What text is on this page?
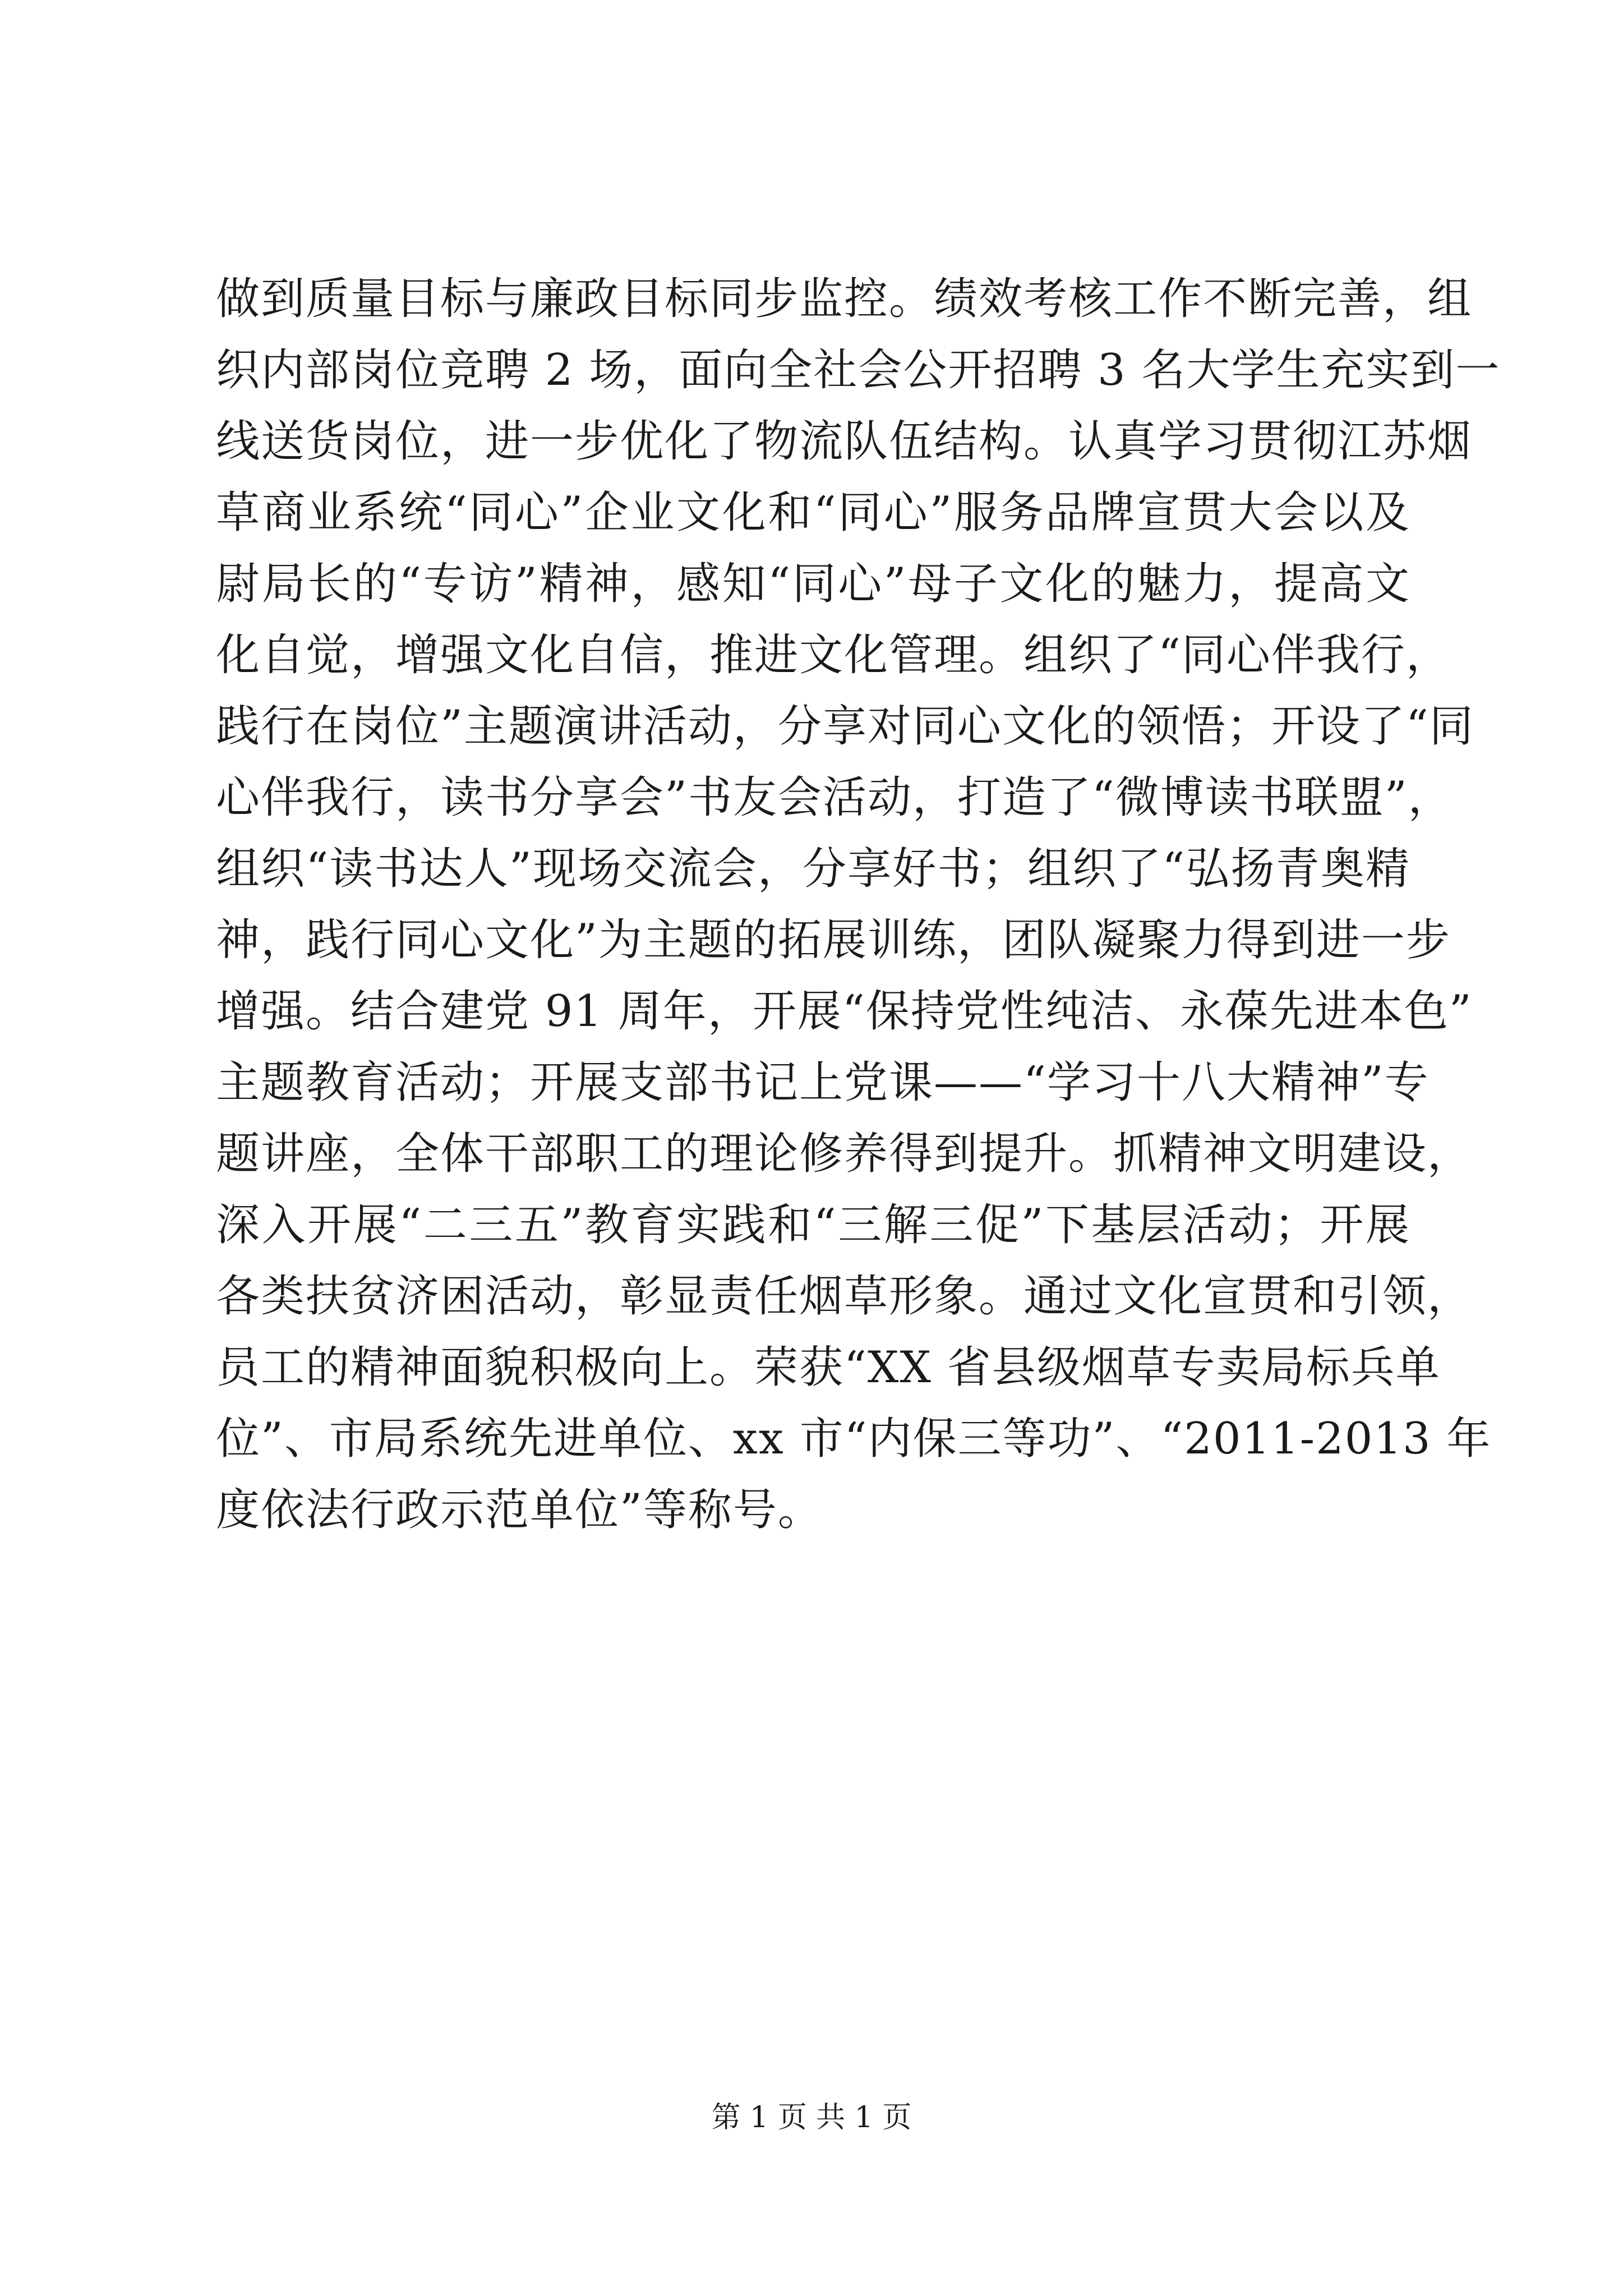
做到质量目标与廉政目标同步监控。绩效考核工作不断完善，组
织内部岗位竞聘 2 场，面向全社会公开招聘 3 名大学生充实到一
线送货岗位，进一步优化了物流队伍结构。认真学习贯彻江苏烟
草商业系统“同心”企业文化和“同心”服务品牌宣贯大会以及
尉局长的“专访”精神，感知“同心”母子文化的魅力，提高文
化自觉，增强文化自信，推进文化管理。组织了“同心伴我行，
践行在岗位”主题演讲活动，分享对同心文化的领悟；开设了“同
心伴我行，读书分享会”书友会活动，打造了“微博读书联盟”，
组织“读书达人”现场交流会，分享好书；组织了“弘扬青奥精
神，践行同心文化”为主题的拓展训练，团队凝聚力得到进一步
增强。结合建党 91 周年，开展“保持党性纯洁、永葆先进本色”
主题教育活动；开展支部书记上党课——“学习十八大精神”专
题讲座，全体干部职工的理论修养得到提升。抓精神文明建设，
深入开展“二三五”教育实践和“三解三促”下基层活动；开展
各类扶贫济困活动，彰显责任烟草形象。通过文化宣贯和引领，
员工的精神面貌积极向上。荣获“XX 省县级烟草专卖局标兵单
位”、市局系统先进单位、xx 市“内保三等功”、“2011-2013 年
度依法行政示范单位”等称号。
第 1 页 共 1 页
